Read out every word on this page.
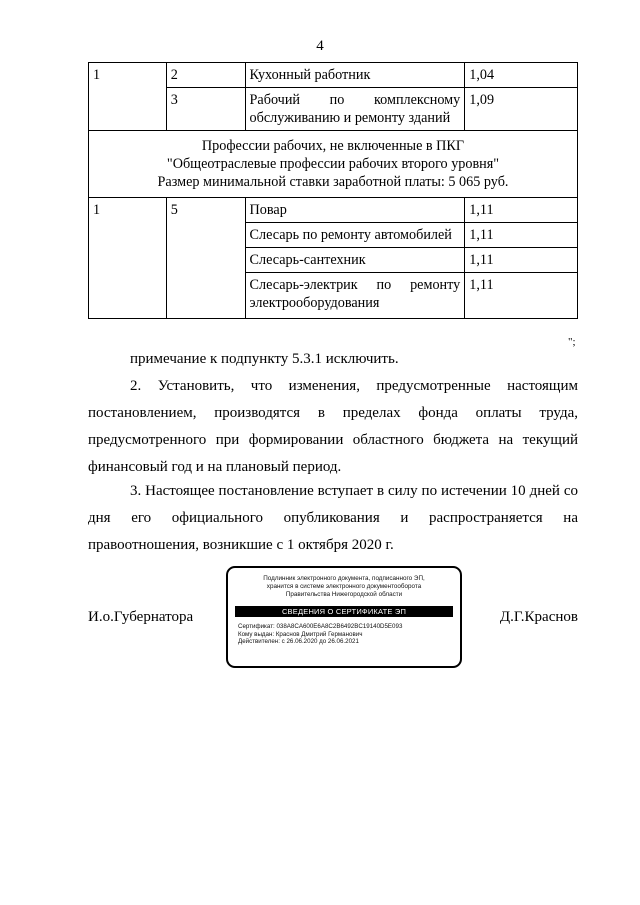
4
1	2	Кухонный работник	1,04
	3	Рабочий по комплексному
обслуживанию и ремонту зданий	1,09

Профессии рабочих, не включенные в ПКГ
"Общеотраслевые профессии рабочих второго уровня"
Размер минимальной ставки заработной платы: 5 065 руб.			

1	5	Повар	1,11
		Слесарь по ремонту автомобилей	1,11
		Слесарь-сантехник	1,11

		Слесарь-электрик по ремонту
электрооборудования	1,11
";
примечание к подпункту 5.3.1 исключить.
2. Установить, что изменения, предусмотренные настоящим постановлением, производятся в пределах фонда оплаты труда, предусмотренного при формировании областного бюджета на текущий финансовый год и на плановый период.
3. Настоящее постановление вступает в силу по истечении 10 дней со дня его официального опубликования и распространяется на правоотношения, возникшие с 1 октября 2020 г.
И.о.Губернатора
Подлинник электронного документа, подписанного ЭП,
хранится в системе электронного документооборота
Правительства Нижегородской области
СВЕДЕНИЯ О СЕРТИФИКАТЕ ЭП
Сертификат: 038A8CA600E6A8C2B6492BC19140D5E093
Кому выдан: Краснов Дмитрий Германович
Действителен: с 26.06.2020 до 26.06.2021
Д.Г.Краснов
